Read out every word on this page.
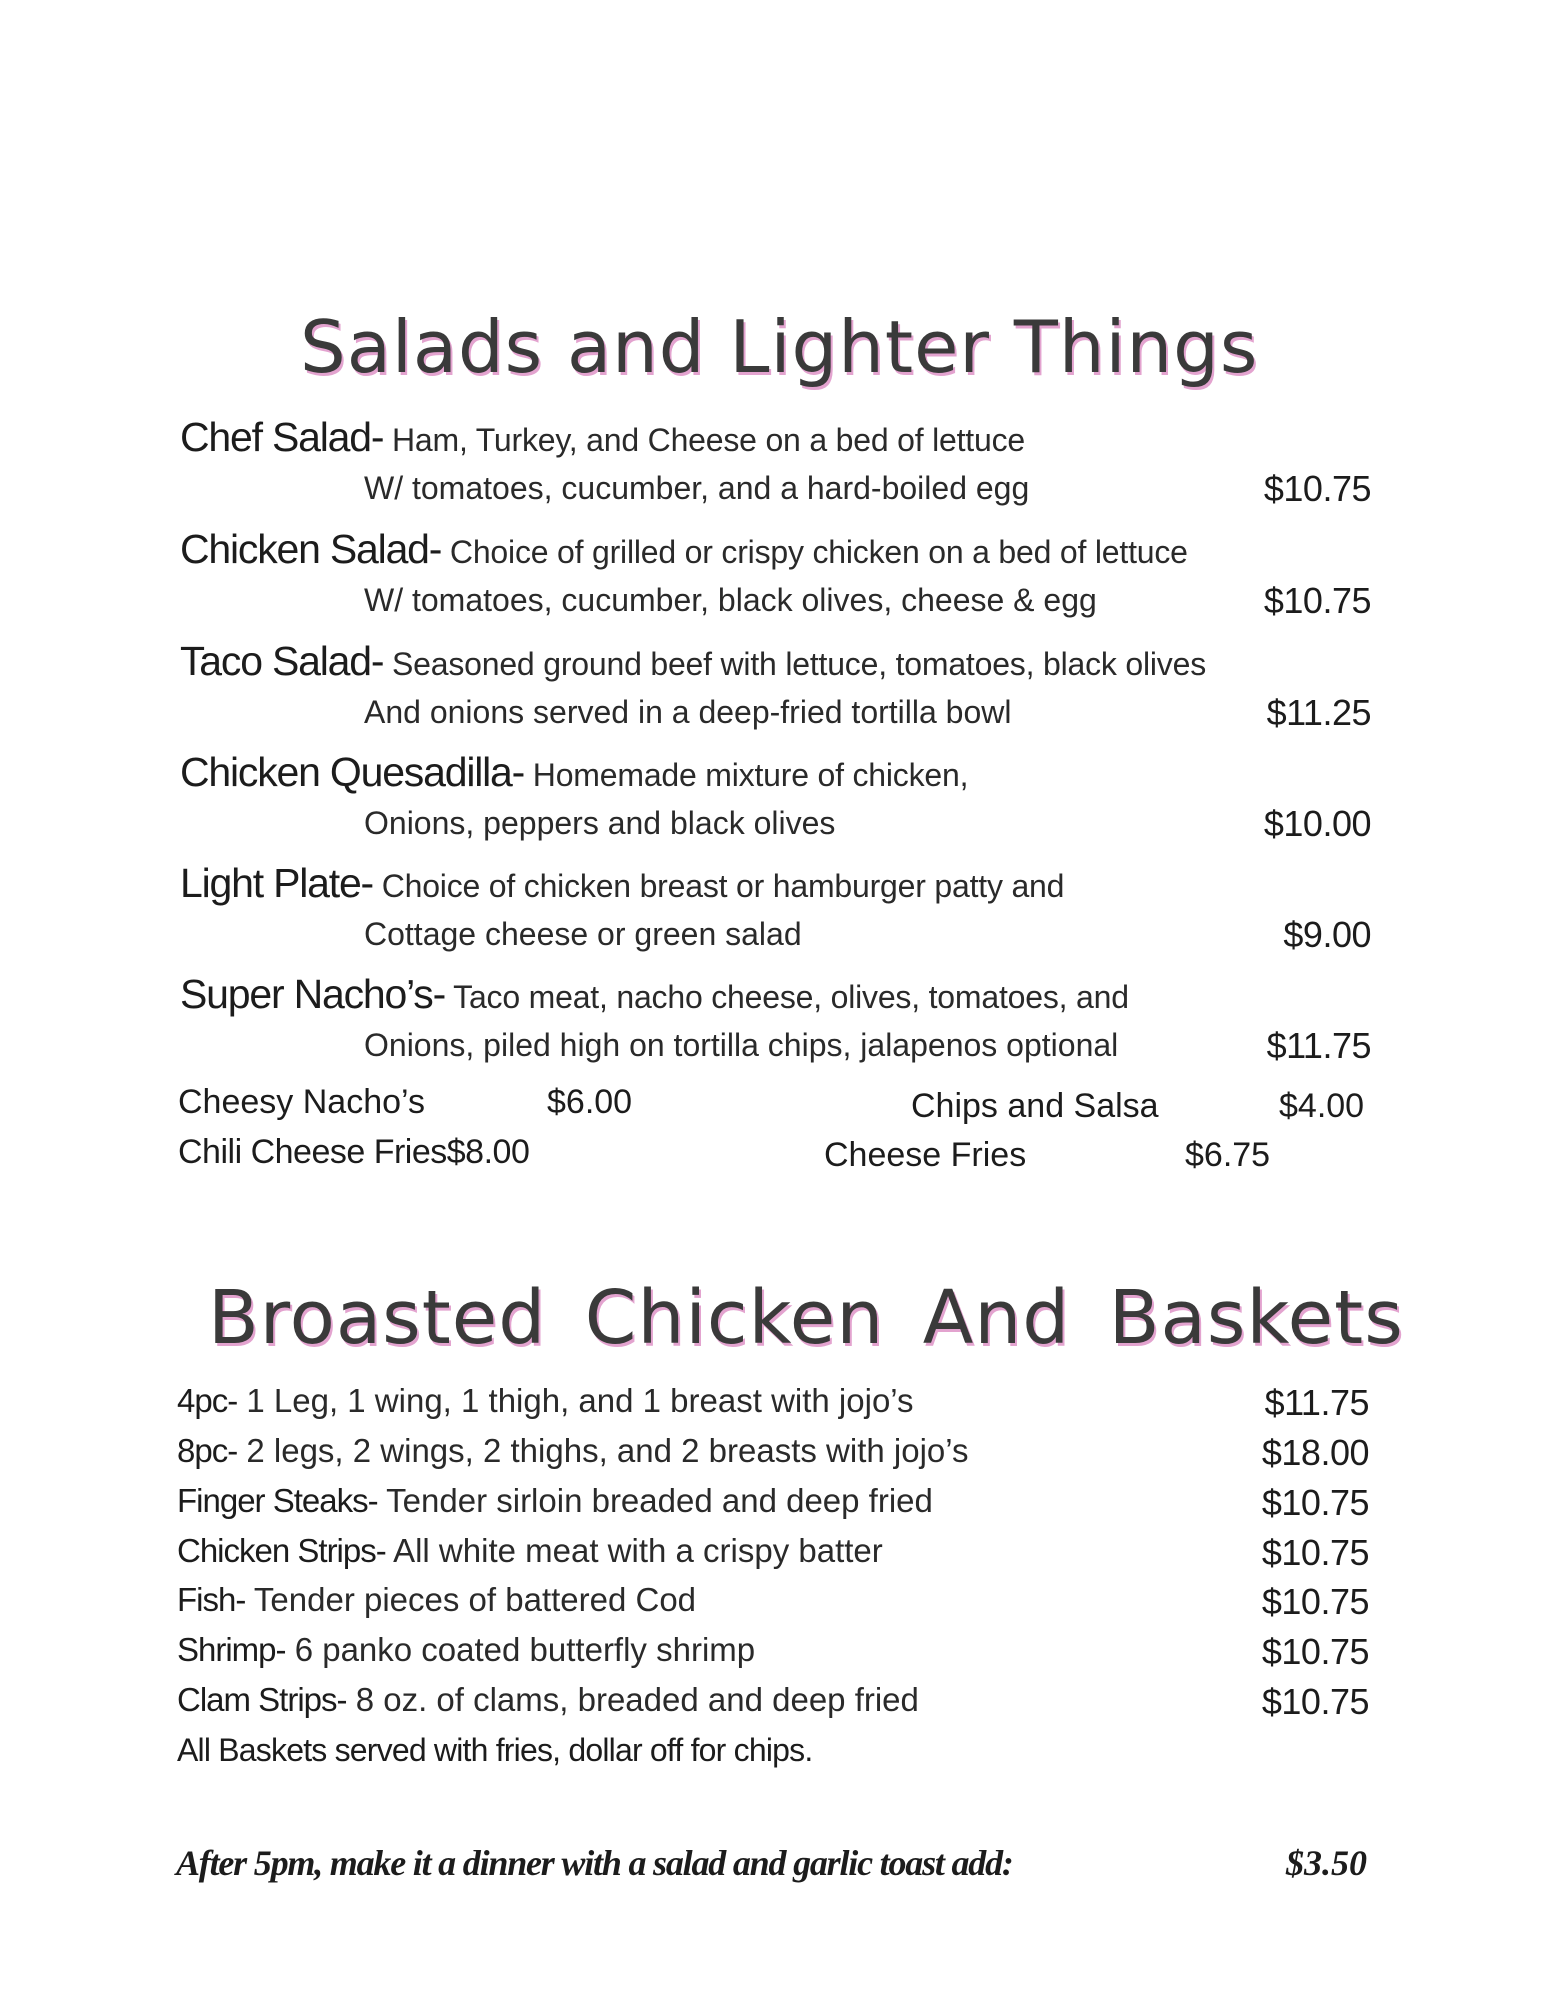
Salads and Lighter Things
Chef Salad- Ham, Turkey, and Cheese on a bed of lettuce
W/ tomatoes, cucumber, and a hard-boiled egg	$10.75
Chicken Salad- Choice of grilled or crispy chicken on a bed of lettuce
W/ tomatoes, cucumber, black olives, cheese & egg	$10.75
Taco Salad- Seasoned ground beef with lettuce, tomatoes, black olives
And onions served in a deep-fried tortilla bowl	$11.25
Chicken Quesadilla- Homemade mixture of chicken,
Onions, peppers and black olives	$10.00
Light Plate- Choice of chicken breast or hamburger patty and
Cottage cheese or green salad	$9.00
Super Nacho’s- Taco meat, nacho cheese, olives, tomatoes, and
Onions, piled high on tortilla chips, jalapenos optional	$11.75
Cheesy Nacho’s	$6.00	Chips and Salsa	$4.00
Chili Cheese Fries$8.00	Cheese Fries	$6.75
Broasted Chicken And Baskets
4pc- 1 Leg, 1 wing, 1 thigh, and 1 breast with jojo’s	$11.75
8pc- 2 legs, 2 wings, 2 thighs, and 2 breasts with jojo’s	$18.00
Finger Steaks- Tender sirloin breaded and deep fried	$10.75
Chicken Strips- All white meat with a crispy batter	$10.75
Fish- Tender pieces of battered Cod	$10.75
Shrimp- 6 panko coated butterfly shrimp	$10.75
Clam Strips- 8 oz. of clams, breaded and deep fried	$10.75
All Baskets served with fries, dollar off for chips.
After 5pm, make it a dinner with a salad and garlic toast add:	$3.50
